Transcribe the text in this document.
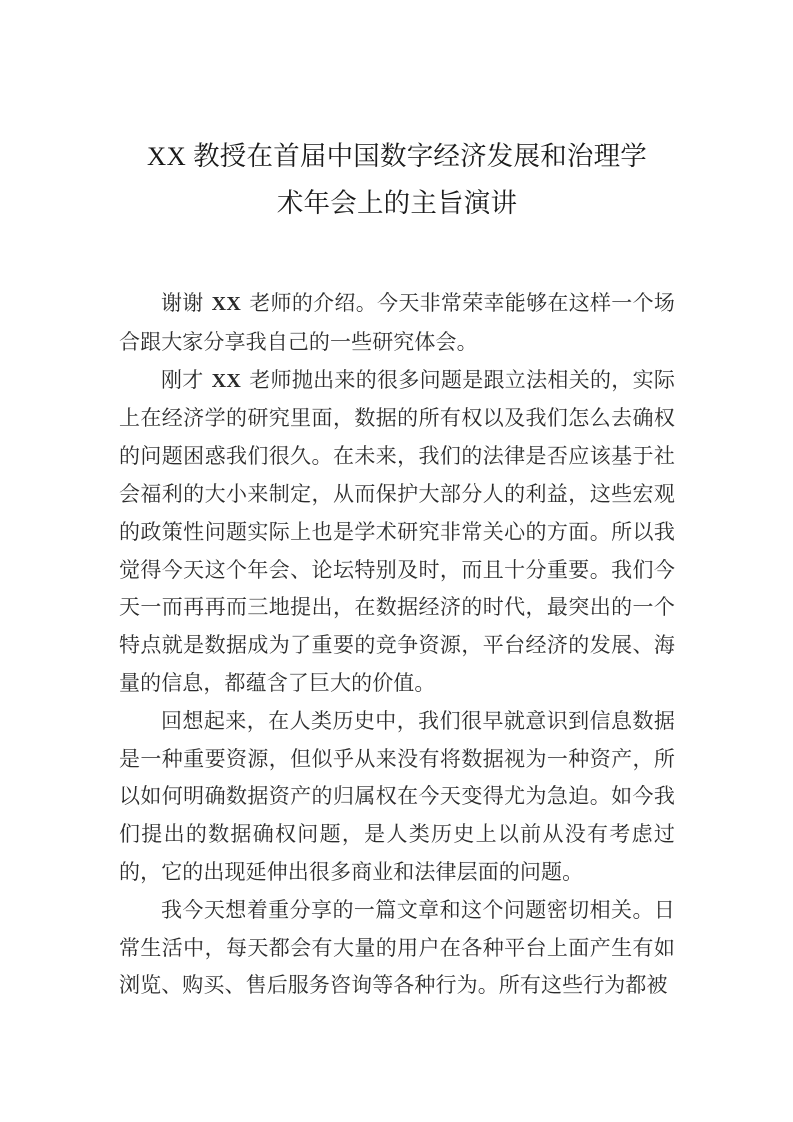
XX 教授在首届中国数字经济发展和治理学
术年会上的主旨演讲

谢谢 XX 老师的介绍。今天非常荣幸能够在这样一个场合跟大家分享我自己的一些研究体会。

刚才 XX 老师抛出来的很多问题是跟立法相关的，实际上在经济学的研究里面，数据的所有权以及我们怎么去确权的问题困惑我们很久。在未来，我们的法律是否应该基于社会福利的大小来制定，从而保护大部分人的利益，这些宏观的政策性问题实际上也是学术研究非常关心的方面。所以我觉得今天这个年会、论坛特别及时，而且十分重要。我们今天一而再再而三地提出，在数据经济的时代，最突出的一个特点就是数据成为了重要的竞争资源，平台经济的发展、海量的信息，都蕴含了巨大的价值。

回想起来，在人类历史中，我们很早就意识到信息数据是一种重要资源，但似乎从来没有将数据视为一种资产，所以如何明确数据资产的归属权在今天变得尤为急迫。如今我们提出的数据确权问题，是人类历史上以前从没有考虑过的，它的出现延伸出很多商业和法律层面的问题。

我今天想着重分享的一篇文章和这个问题密切相关。日常生活中，每天都会有大量的用户在各种平台上面产生有如浏览、购买、售后服务咨询等各种行为。所有这些行为都被
